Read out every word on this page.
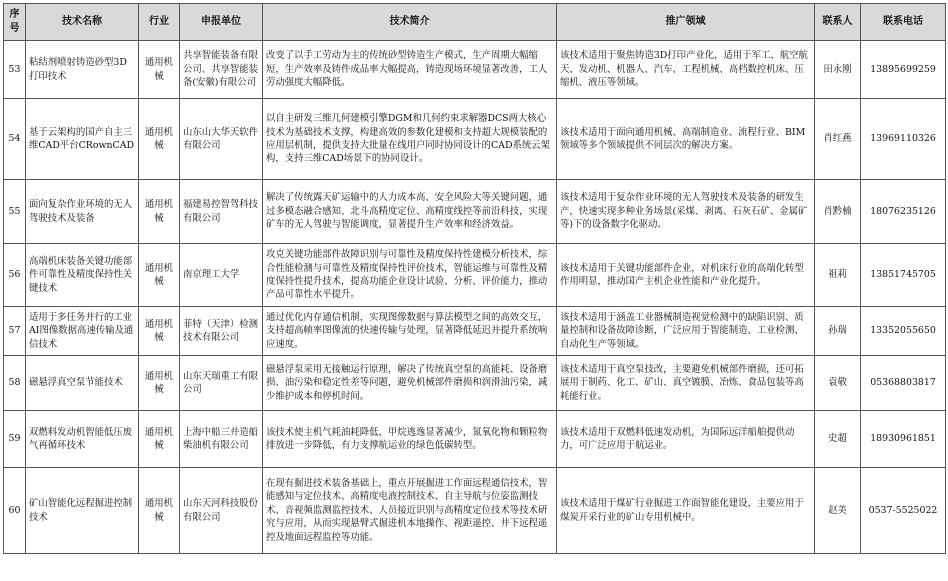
序号	技术名称	行业	申报单位	技术简介	推广领域	联系人	联系电话
53	粘结剂喷射铸造砂型3D打印技术	通用机械	共享智能装备有限公司、共享智能装备(安徽)有限公司	改变了以手工劳动为主的传统砂型铸造生产模式，生产周期大幅缩短，生产效率及铸件成品率大幅提高，铸造现场环境显著改善，工人劳动强度大幅降低。	该技术适用于聚焦铸造3D打印产业化，适用于军工、航空航天、发动机、机器人、汽车、工程机械、高档数控机床、压缩机、液压等领域。	田永刚	13895699259
54	基于云架构的国产自主三维CAD平台CRownCAD	通用机械	山东山大华天软件有限公司	以自主研发三维几何建模引擎DGM和几何约束求解器DCS两大核心技术为基础技术支撑，构建高效的参数化建模和支持超大规模装配的应用层机制，提供支持大批量在线用户同时协同设计的CAD系统云架构，支持三维CAD场景下的协同设计。	该技术适用于面向通用机械、高端制造业、流程行业、BIM领域等多个领域提供不同层次的解决方案。	肖红燕	13969110326
55	面向复杂作业环境的无人驾驶技术及装备	通用机械	福建易控智驾科技有限公司	解决了传统露天矿运输中的人力成本高、安全风险大等关键问题，通过多模态融合感知、北斗高精度定位、高精度线控等前沿科技，实现矿车的无人驾驶与智能调度，显著提升生产效率和经济效益。	该技术适用于复杂作业环境的无人驾驶技术及装备的研发生产，快速实现多种业务场景(采煤、剥离、石灰石矿、金属矿等)下的设备数字化驱动。	肖黔楠	18076235126
56	高端机床装备关键功能部件可靠性及精度保持性关键技术	通用机械	南京理工大学	攻克关键功能部件故障识别与可靠性及精度保持性建模分析技术，综合性能检测与可靠性及精度保持性评价技术，智能运维与可靠性及精度保持性提升技术，提高功能企业设计试验、分析、评价能力，推动产品可靠性水平提升。	该技术适用于关键功能部件企业，对机床行业的高端化转型作用明显，推动国产主机企业性能和产业化提升。	祖莉	13851745705
57	适用于多任务并行的工业AI图像数据高速传输及通信技术	通用机械	菲特（天津）检测技术有限公司	通过优化内存通信机制，实现图像数据与算法模型之间的高效交互，支持超高帧率图像流的快速传输与处理，显著降低延迟并提升系统响应速度。	该技术适用于涵盖工业器械制造视觉检测中的缺陷识别、质量控制和设备故障诊断，广泛应用于智能制造、工业检测、自动化生产等领域。	孙瑞	13352055650
58	磁悬浮真空泵节能技术	通用机械	山东天瑞重工有限公司	磁悬浮泵采用无接触运行原理，解决了传统真空泵的高能耗、设备磨损、油污染和稳定性差等问题，避免机械部件磨损和润滑油污染，减少维护成本和停机时间。	该技术适用于真空泵技改，主要避免机械部件磨损，还可拓展用于制药、化工、矿山、真空镀膜、冶炼、食品包装等高耗能行业。	袁敬	05368803817
59	双燃料发动机智能低压废气再循环技术	通用机械	上海中船三井造船柴油机有限公司	该技术使主机气耗油耗降低，甲烷逃逸显著减少，氮氧化物和颗粒物排放进一步降低，有力支撑航运业的绿色低碳转型。	该技术适用于双燃料低速发动机，为国际远洋船舶提供动力，可广泛应用于航运业。	史超	18930961851
60	矿山智能化远程掘进控制技术	通用机械	山东天河科技股份有限公司	在现有掘进技术装备基础上，重点开展掘进工作面远程通信技术，智能感知与定位技术、高精度电液控制技术、自主导航与位姿监测技术、音视频监测监控技术、人员接近识别与高精度定位技术等技术研究与应用，从而实现悬臂式掘进机本地操作、视距遥控、井下远程遥控及地面远程监控等功能。	该技术适用于煤矿行业掘进工作面智能化建设，主要应用于煤炭开采行业的矿山专用机械中。	赵美	0537-5525022
